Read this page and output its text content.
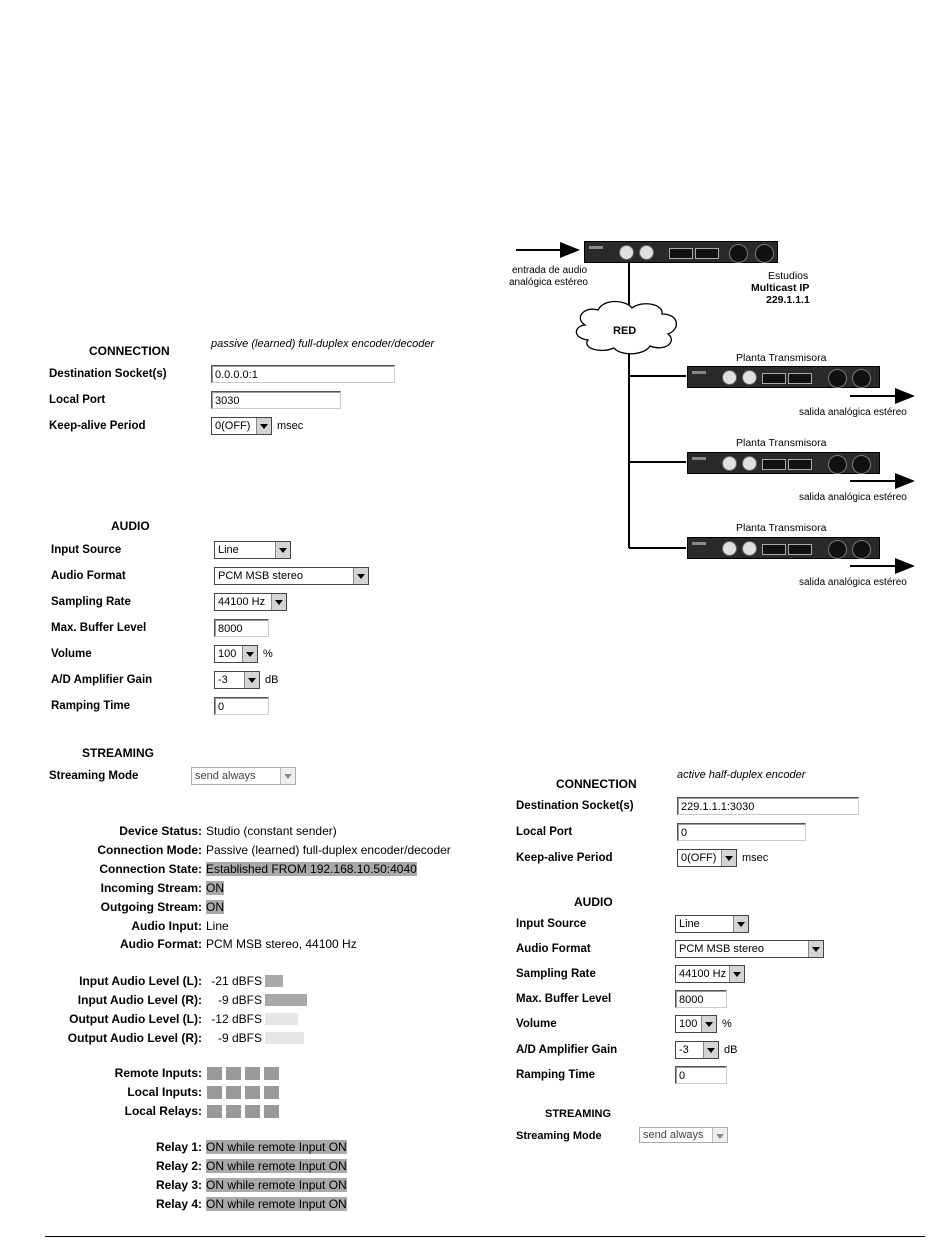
CONNECTION	passive (learned) full-duplex encoder/decoder
Destination Socket(s)	0.0.0.0:1
Local Port	3030
Keep-alive Period	0(OFF) msec
AUDIO
Input Source	Line
Audio Format	PCM MSB stereo
Sampling Rate	44100 Hz
Max. Buffer Level	8000
Volume	100 %
A/D Amplifier Gain	-3	dB
Ramping Time	0
STREAMING
Streaming Mode	send always
Device Status: Studio (constant sender)
Connection Mode: Passive (learned) full-duplex encoder/decoder
Connection State: Established FROM 192.168.10.50:4040
Incoming Stream: ON
Outgoing Stream: ON
Audio Input: Line
Audio Format: PCM MSB stereo, 44100 Hz
Input Audio Level (L): -21 dBFS
Input Audio Level (R):	-9 dBFS
Output Audio Level (L): -12 dBFS
Output Audio Level (R):	-9 dBFS
Remote Inputs:
Local Inputs:
Local Relays:
Relay 1: ON while remote Input ON
Relay 2: ON while remote Input ON
Relay 3: ON while remote Input ON
Relay 4: ON while remote Input ON
CONNECTION
active half-duplex encoder
Destination Socket(s)	229.1.1.1:3030
Local Port	0
Keep-alive Period	0(OFF) msec
AUDIO
Input Source	Line
Audio Format	PCM MSB stereo
Sampling Rate	44100 Hz
Max. Buffer Level	8000
Volume	100 %
A/D Amplifier Gain	-3	dB
Ramping Time	0
STREAMING
Streaming Mode	send always
RED
entrada de audio
analógica estéreo
Estudios
Multicast IP
229.1.1.1
Planta Transmisora
salida analógica estéreo
Planta Transmisora
salida analógica estéreo
Planta Transmisora
salida analógica estéreo
